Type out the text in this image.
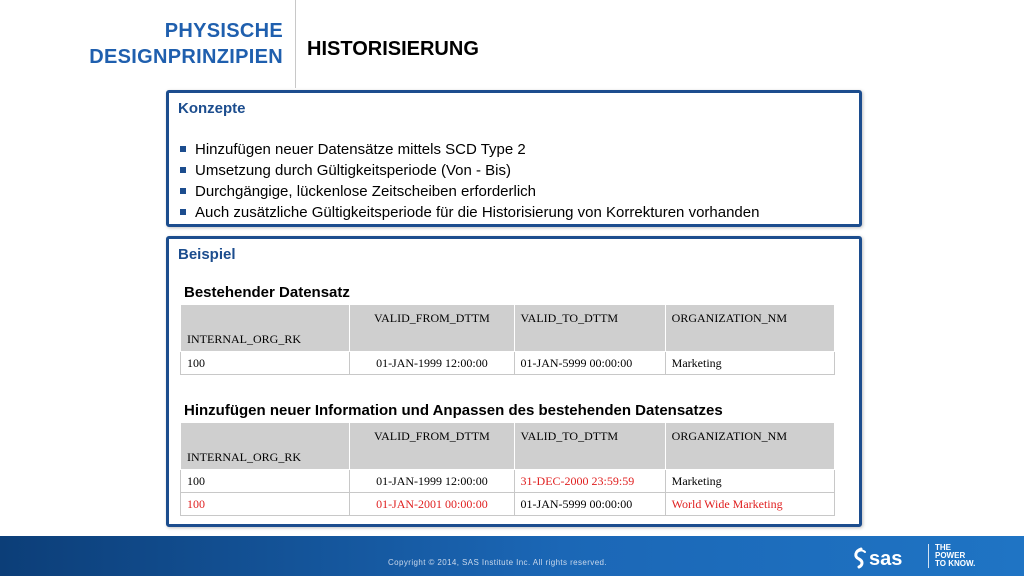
PHYSISCHE
DESIGNPRINZIPIEN HISTORISIERUNG
Konzepte
Hinzufügen neuer Datensätze mittels SCD Type 2
Umsetzung durch Gültigkeitsperiode (Von - Bis)
Durchgängige, lückenlose Zeitscheiben erforderlich
Auch zusätzliche Gültigkeitsperiode für die Historisierung von Korrekturen vorhanden
Beispiel
Bestehender Datensatz
INTERNAL_ORG_RK	VALID_FROM_DTTM	VALID_TO_DTTM	ORGANIZATION_NM
100	01-JAN-1999 12:00:00	01-JAN-5999 00:00:00	Marketing
Hinzufügen neuer Information und Anpassen des bestehenden Datensatzes
INTERNAL_ORG_RK	VALID_FROM_DTTM	VALID_TO_DTTM	ORGANIZATION_NM
100	01-JAN-1999 12:00:00	31-DEC-2000 23:59:59	Marketing
100	01-JAN-2001 00:00:00	01-JAN-5999 00:00:00	World Wide Marketing
Copyright © 2014, SAS Institute Inc. All rights reserved.	sas
THE
POWER
TO KNOW.
